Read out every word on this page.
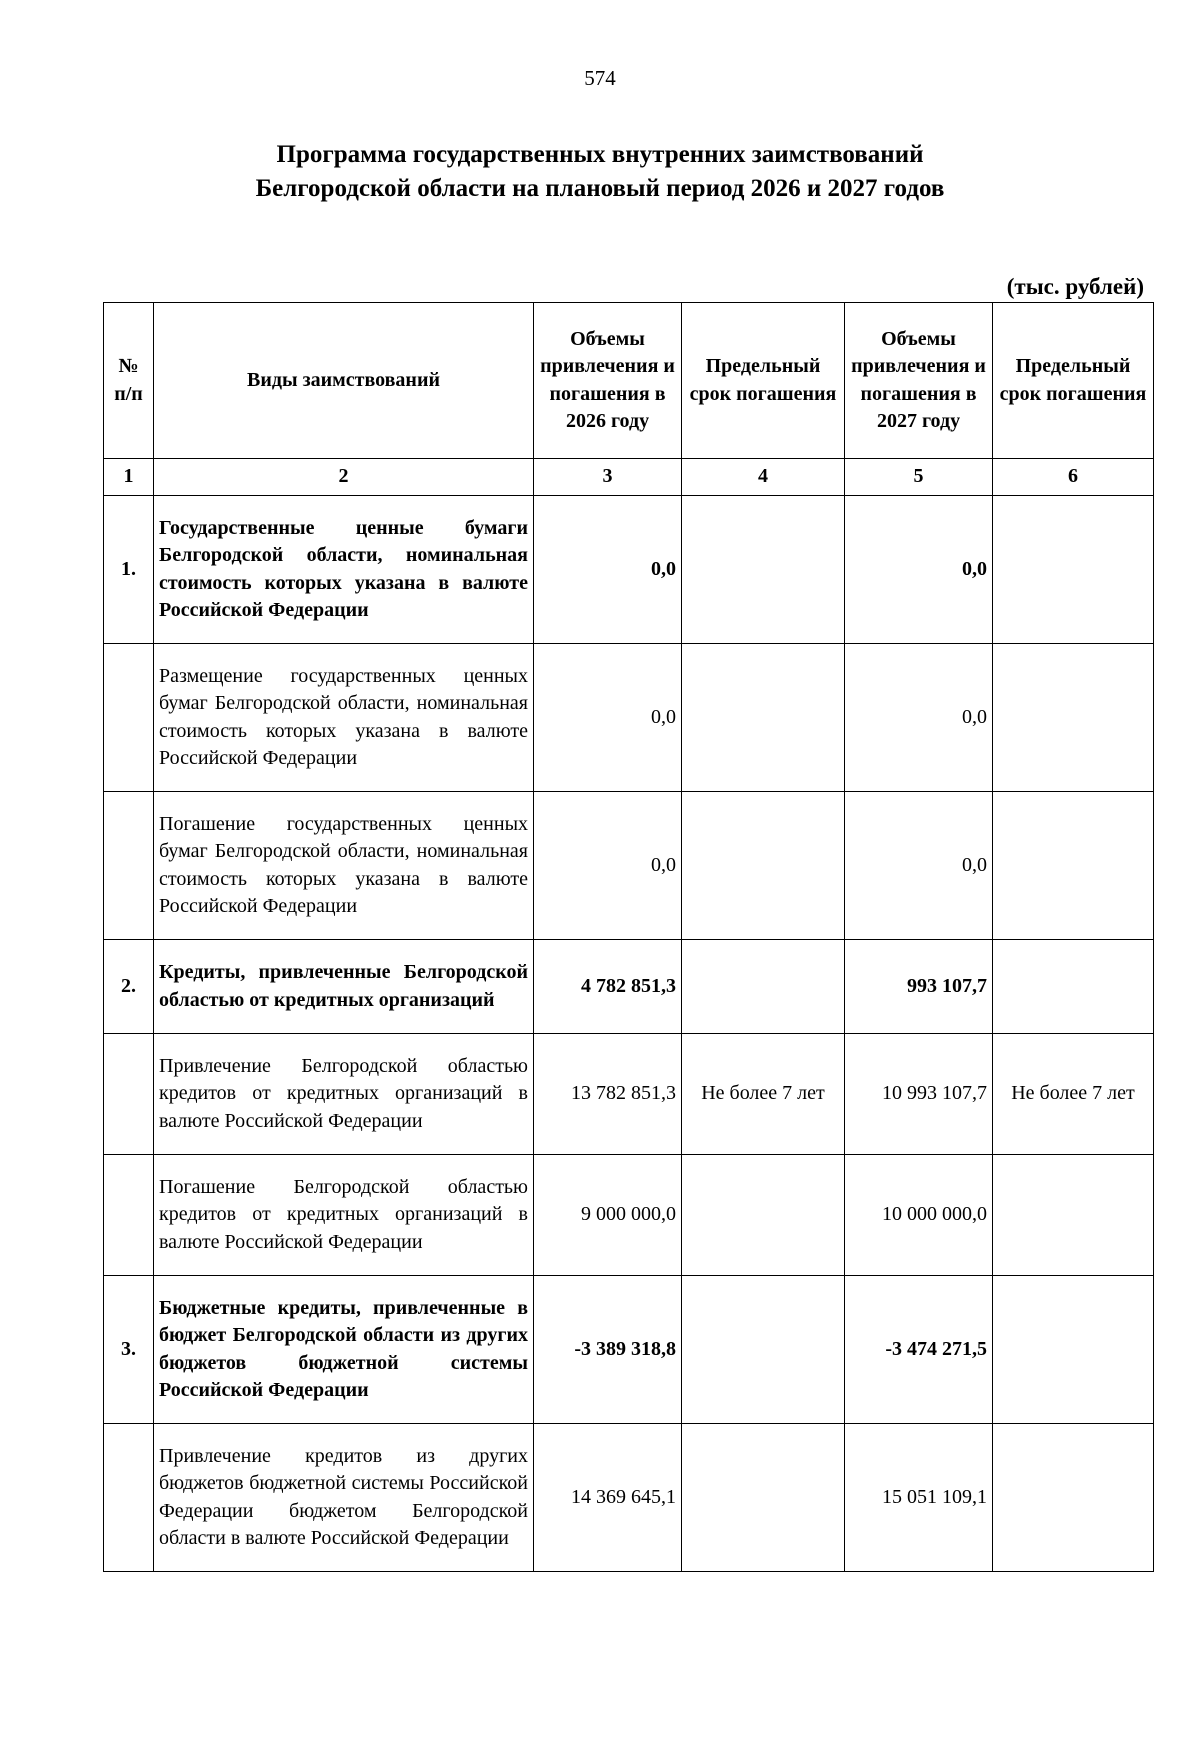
574
Программа государственных внутренних заимствований
Белгородской области на плановый период 2026 и 2027 годов
(тыс. рублей)
№ п/п	Виды заимствований	Объемы привлечения и погашения в 2026 году	Предельный срок погашения	Объемы привлечения и погашения в 2027 году	Предельный срок погашения
1	2	3	4	5	6
1.	Государственные ценные бумаги Белгородской области, номинальная стоимость которых указана в валюте Российской Федерации	0,0		0,0	
	Размещение государственных ценных бумаг Белгородской области, номинальная стоимость которых указана в валюте Российской Федерации	0,0		0,0	
	Погашение государственных ценных бумаг Белгородской области, номинальная стоимость которых указана в валюте Российской Федерации	0,0		0,0	
2.	Кредиты, привлеченные Белгородской областью от кредитных организаций	4 782 851,3		993 107,7	
	Привлечение Белгородской областью кредитов от кредитных организаций в валюте Российской Федерации	13 782 851,3	Не более 7 лет	10 993 107,7	Не более 7 лет
	Погашение Белгородской областью кредитов от кредитных организаций в валюте Российской Федерации	9 000 000,0		10 000 000,0	
3.	Бюджетные кредиты, привлеченные в бюджет Белгородской области из других бюджетов бюджетной системы Российской Федерации	-3 389 318,8		-3 474 271,5	
	Привлечение кредитов из других бюджетов бюджетной системы Российской Федерации бюджетом Белгородской области в валюте Российской Федерации	14 369 645,1		15 051 109,1	
